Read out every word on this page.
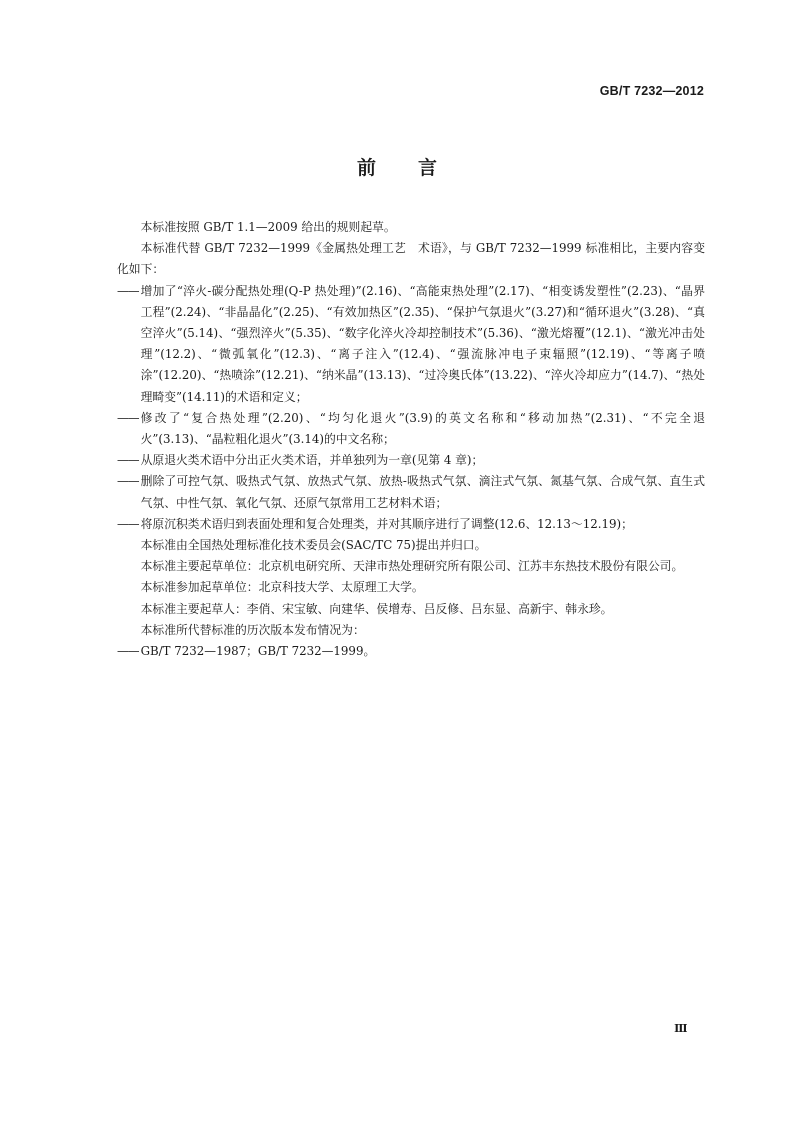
GB/T 7232—2012
前言

本标准按照 GB/T 1.1—2009 给出的规则起草。

本标准代替 GB/T 7232—1999《金属热处理工艺　术语》，与 GB/T 7232—1999 标准相比，主要内容变化如下：

—— 增加了“淬火-碳分配热处理(Q-P 热处理)”(2.16)、“高能束热处理”(2.17)、“相变诱发塑性”(2.23)、“晶界工程”(2.24)、“非晶晶化”(2.25)、“有效加热区”(2.35)、“保护气氛退火”(3.27)和“循环退火”(3.28)、“真空淬火”(5.14)、“强烈淬火”(5.35)、“数字化淬火冷却控制技术”(5.36)、“激光熔覆”(12.1)、“激光冲击处理”(12.2)、“微弧氧化”(12.3)、“离子注入”(12.4)、“强流脉冲电子束辐照”(12.19)、“等离子喷涂”(12.20)、“热喷涂”(12.21)、“纳米晶”(13.13)、“过冷奥氏体”(13.22)、“淬火冷却应力”(14.7)、“热处理畸变”(14.11)的术语和定义；

—— 修改了“复合热处理”(2.20)、“均匀化退火”(3.9)的英文名称和“移动加热”(2.31)、“不完全退火”(3.13)、“晶粒粗化退火”(3.14)的中文名称；

—— 从原退火类术语中分出正火类术语，并单独列为一章(见第 4 章)；

—— 删除了可控气氛、吸热式气氛、放热式气氛、放热-吸热式气氛、滴注式气氛、氮基气氛、合成气氛、直生式气氛、中性气氛、氧化气氛、还原气氛常用工艺材料术语；

—— 将原沉积类术语归到表面处理和复合处理类，并对其顺序进行了调整(12.6、12.13～12.19)；

本标准由全国热处理标准化技术委员会(SAC/TC 75)提出并归口。

本标准主要起草单位：北京机电研究所、天津市热处理研究所有限公司、江苏丰东热技术股份有限公司。

本标准参加起草单位：北京科技大学、太原理工大学。

本标准主要起草人：李俏、宋宝敏、向建华、侯增寿、吕反修、吕东显、高新宇、韩永珍。

本标准所代替标准的历次版本发布情况为：

—— GB/T 7232—1987；GB/T 7232—1999。

Ⅲ
